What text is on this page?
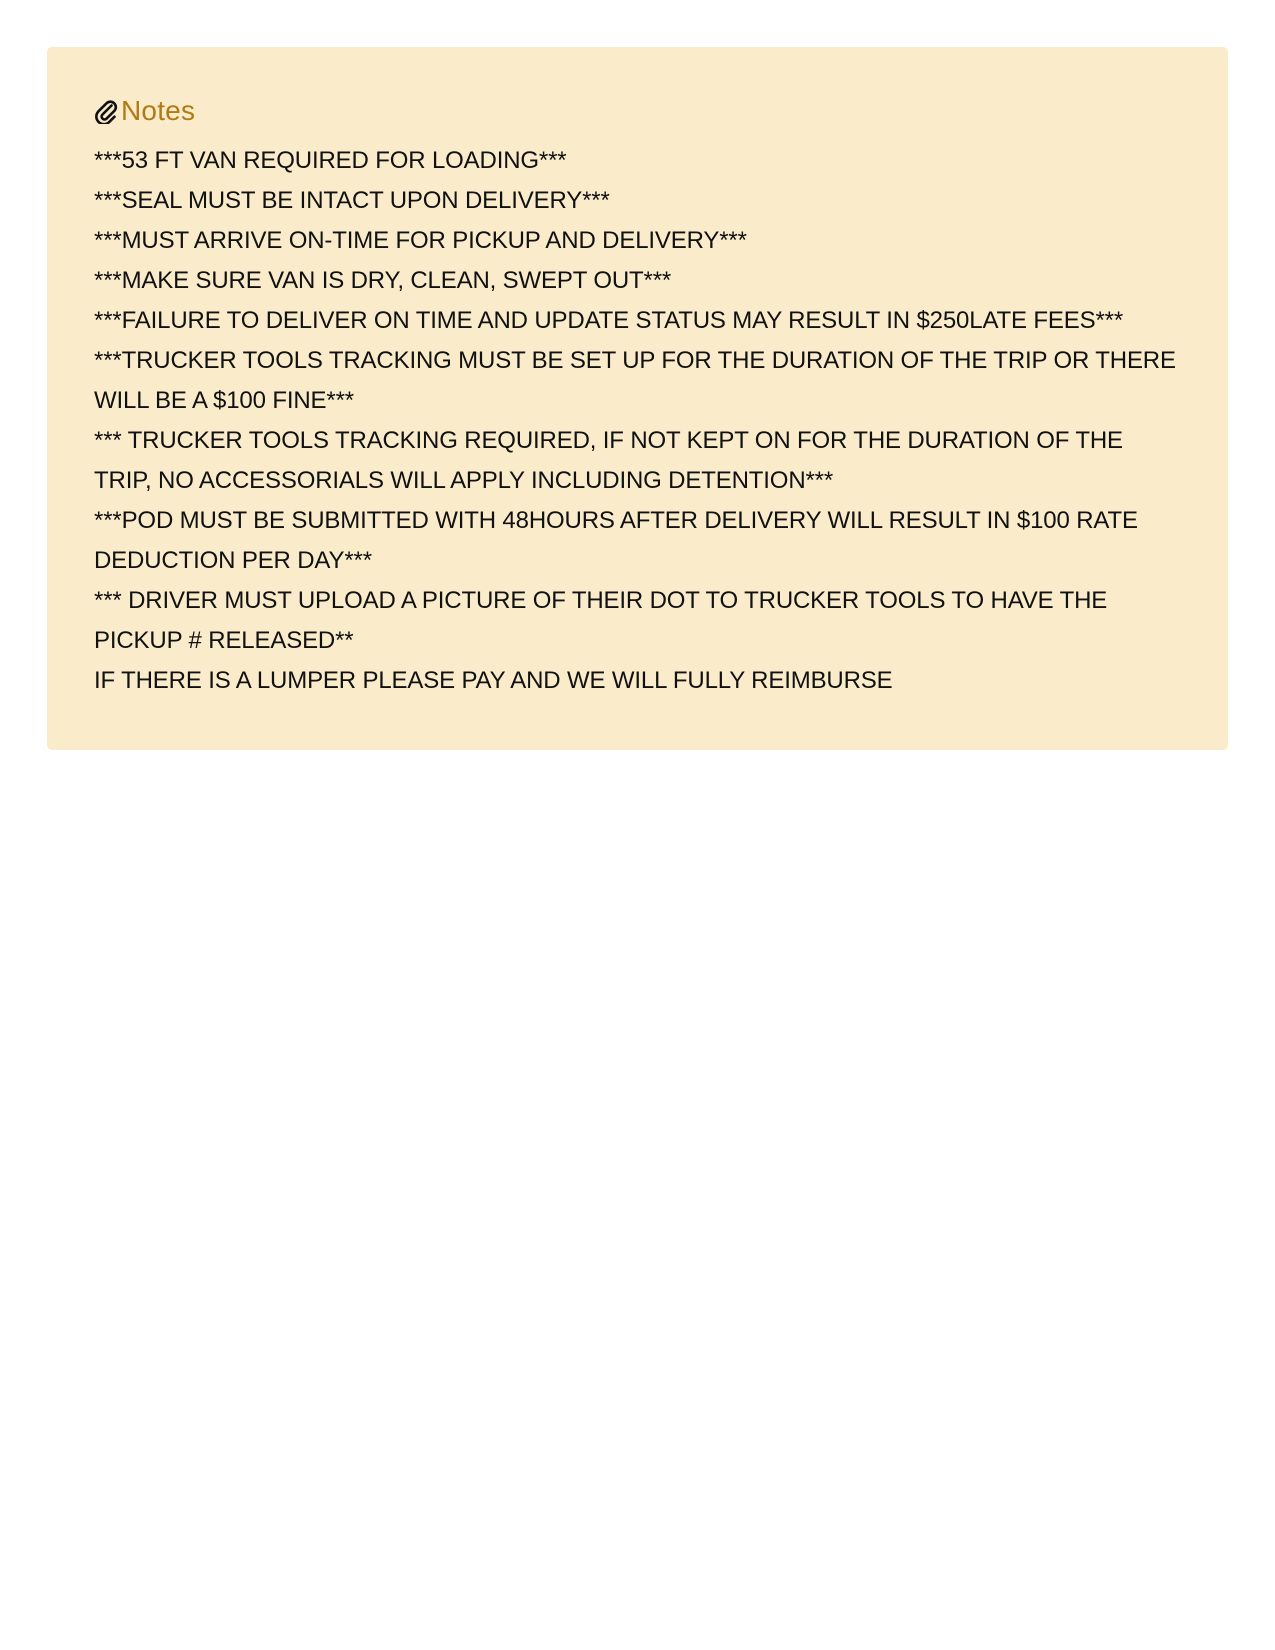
Notes
***53 FT VAN REQUIRED FOR LOADING***
***SEAL MUST BE INTACT UPON DELIVERY***
***MUST ARRIVE ON-TIME FOR PICKUP AND DELIVERY***
***MAKE SURE VAN IS DRY, CLEAN, SWEPT OUT***
***FAILURE TO DELIVER ON TIME AND UPDATE STATUS MAY RESULT IN $250LATE FEES***
***TRUCKER TOOLS TRACKING MUST BE SET UP FOR THE DURATION OF THE TRIP OR THERE WILL BE A $100 FINE***
*** TRUCKER TOOLS TRACKING REQUIRED, IF NOT KEPT ON FOR THE DURATION OF THE TRIP, NO ACCESSORIALS WILL APPLY INCLUDING DETENTION***
***POD MUST BE SUBMITTED WITH 48HOURS AFTER DELIVERY WILL RESULT IN $100 RATE DEDUCTION PER DAY***
*** DRIVER MUST UPLOAD A PICTURE OF THEIR DOT TO TRUCKER TOOLS TO HAVE THE PICKUP # RELEASED**
IF THERE IS A LUMPER PLEASE PAY AND WE WILL FULLY REIMBURSE
